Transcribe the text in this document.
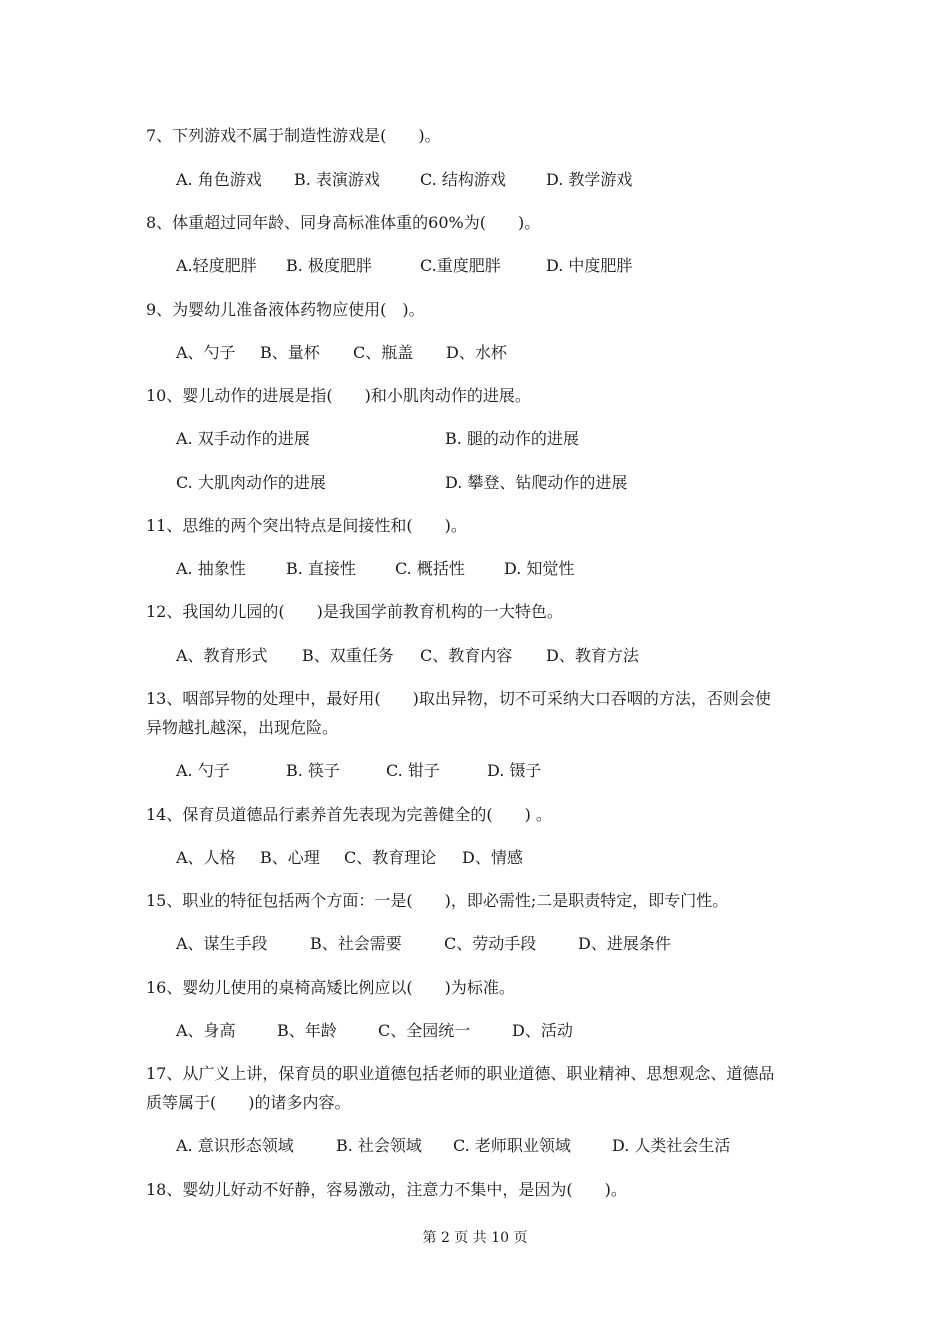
7、下列游戏不属于制造性游戏是(　　)。

A. 角色游戏

B. 表演游戏

	C. 结构游戏

	D. 教学游戏

8、体重超过同年龄、同身高标准体重的60%为(　　)。

A.轻度肥胖

B. 极度肥胖

	C.重度肥胖

	D. 中度肥胖

9、为婴幼儿准备液体药物应使用(　)。

A、勺子

B、量杯

C、瓶盖

D、水杯

10、婴儿动作的进展是指(　　)和小肌肉动作的进展。

A. 双手动作的进展

	B. 腿的动作的进展

C. 大肌肉动作的进展

	D. 攀登、钻爬动作的进展

11、思维的两个突出特点是间接性和(　　)。

A. 抽象性

	B. 直接性

C. 概括性

D. 知觉性

12、我国幼儿园的(　　)是我国学前教育机构的一大特色。

A、教育形式

B、双重任务

C、教育内容

D、教育方法

13、咽部异物的处理中，最好用(　　)取出异物，切不可采纳大口吞咽的方法，否则会使
异物越扎越深，出现危险。

A. 勺子

	B. 筷子

	C. 钳子

	D. 镊子

14、保育员道德品行素养首先表现为完善健全的(　　) 。

A、人格

B、心理

C、教育理论

D、情感

15、职业的特征包括两个方面：一是(　　)，即必需性;二是职责特定，即专门性。

A、谋生手段

	B、社会需要

	C、劳动手段

	D、进展条件

16、婴幼儿使用的桌椅高矮比例应以(　　)为标准。

A、身高

	B、年龄

	C、全园统一

	D、活动

17、从广义上讲，保育员的职业道德包括老师的职业道德、职业精神、思想观念、道德品
质等属于(　　)的诸多内容。

A. 意识形态领域

	B. 社会领域

C. 老师职业领域

	D. 人类社会生活

18、婴幼儿好动不好静，容易激动，注意力不集中，是因为(　　)。
第 2 页 共 10 页
